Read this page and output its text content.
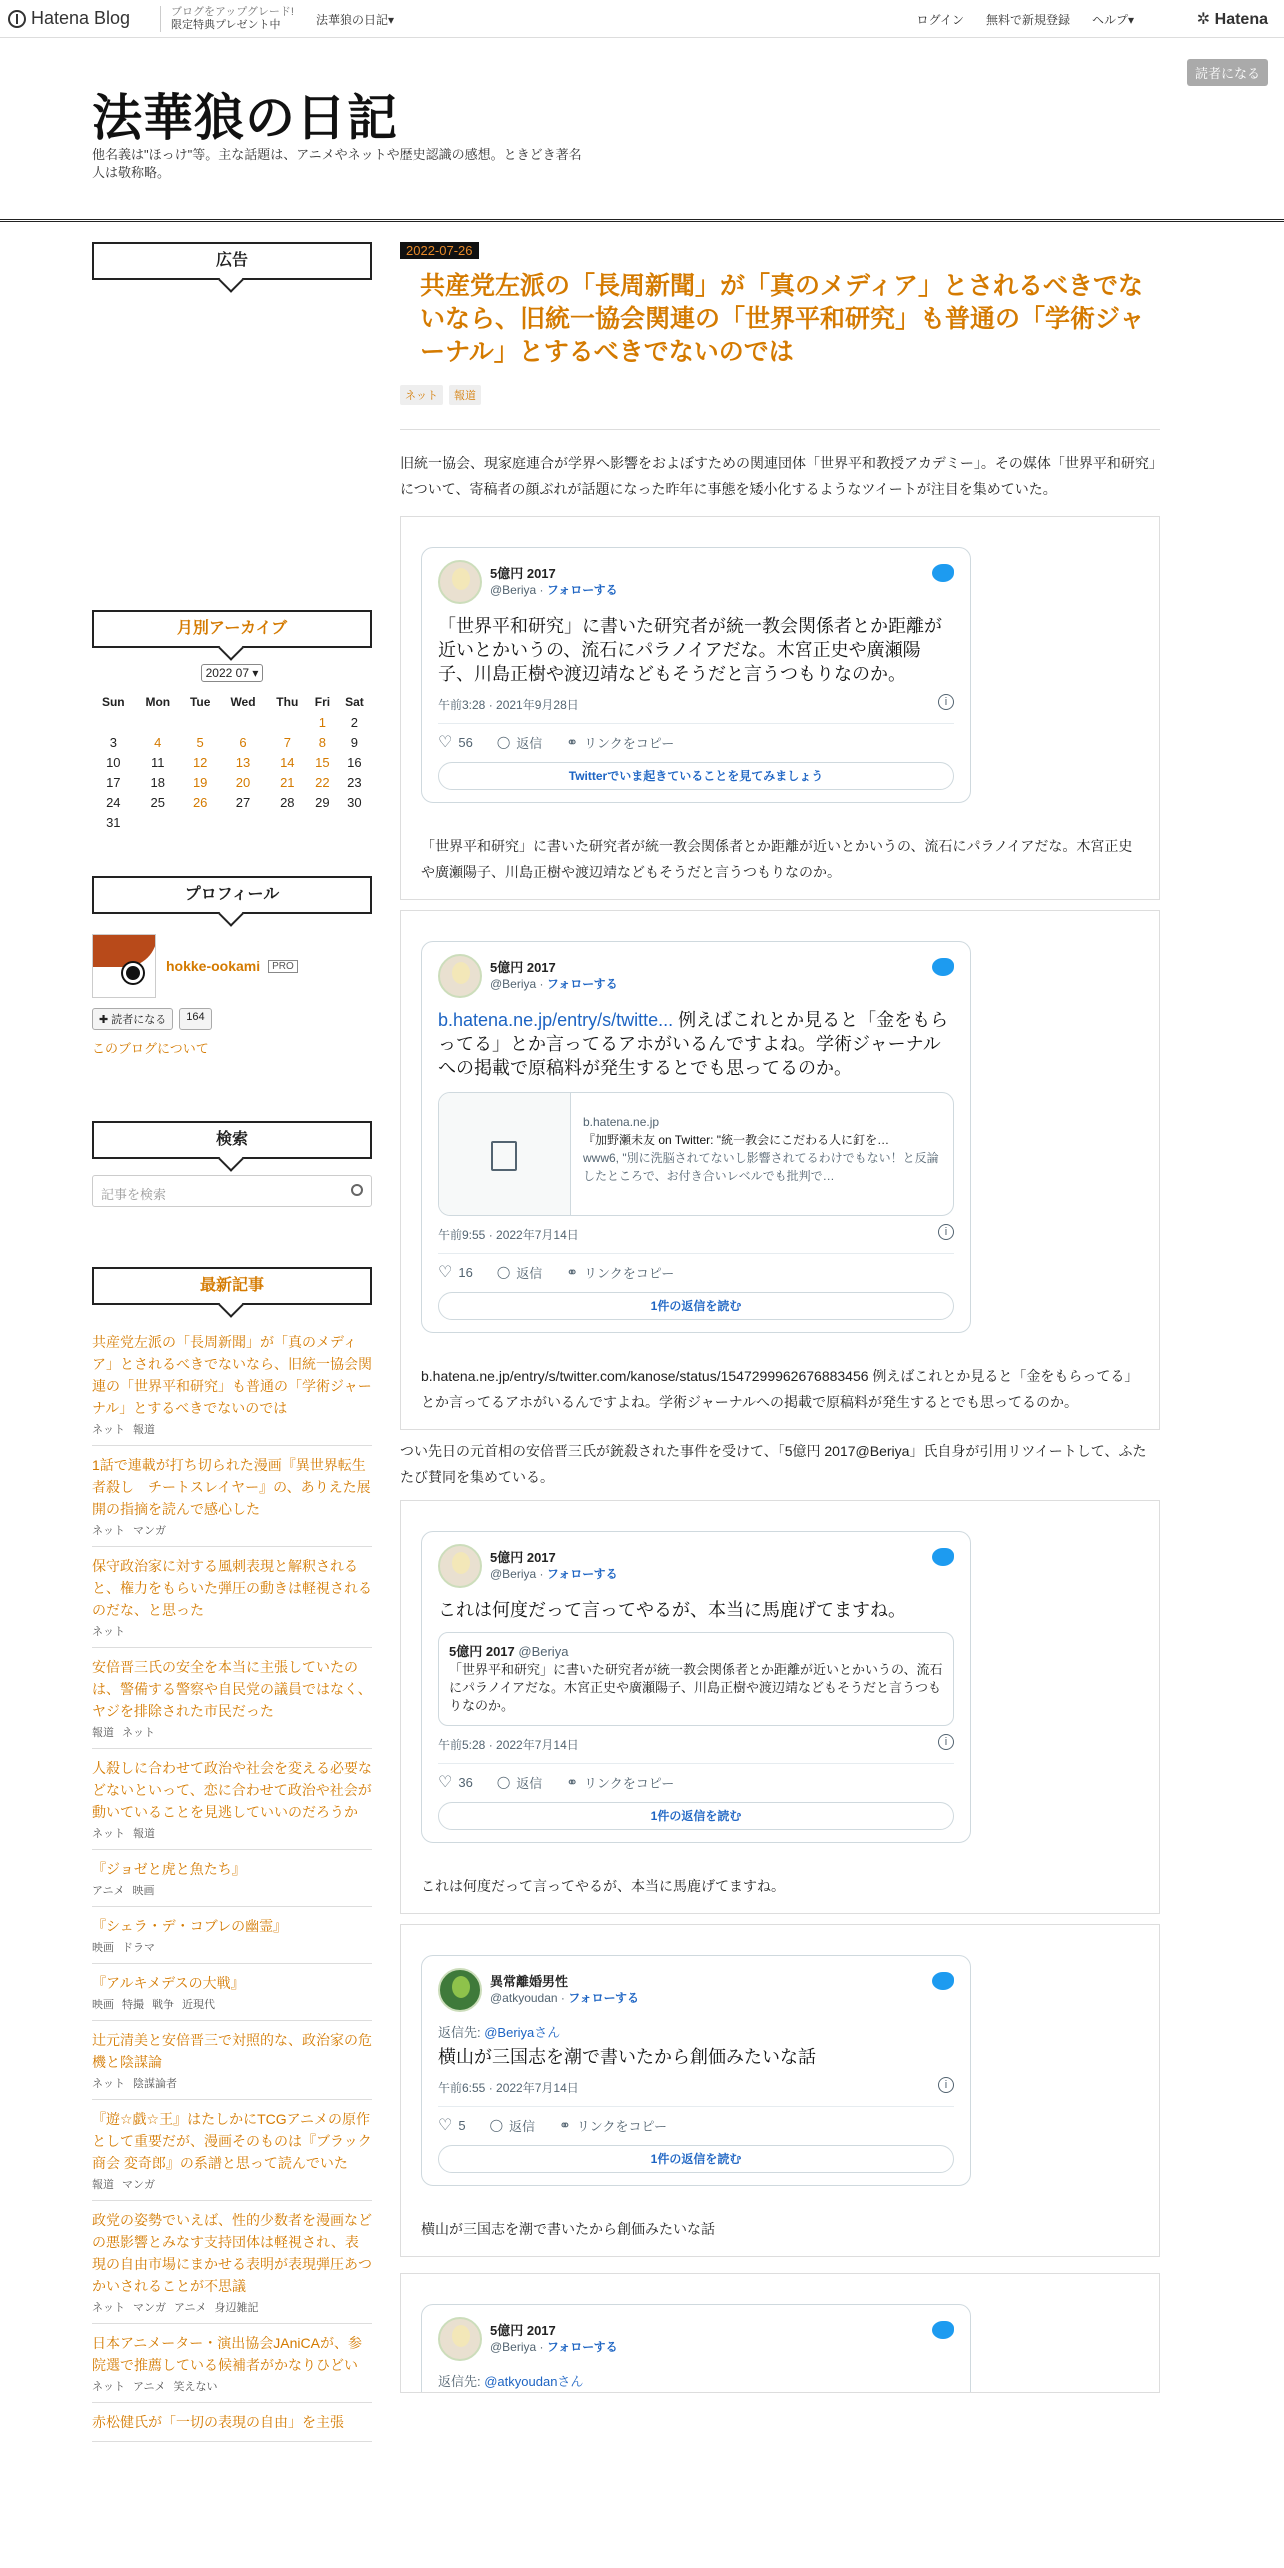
Hatena Blog	ブログをアップグレード!
限定特典プレゼント中	法華狼の日記▾	ログイン 無料で新規登録 ヘルプ▾	✲ Hatena
法華狼の日記

他名義は"ほっけ"等。主な話題は、アニメやネットや歴史認識の感想。ときどき著名人は敬称略。

読者になる
広告
月別アーカイブ
2022 07 ▾
Sun	Mon	Tue	Wed	Thu	Fri	Sat
					1	2
3	4	5	6	7	8	9
10	11	12	13	14	15	16
17	18	19	20	21	22	23
24	25	26	27	28	29	30
31						
プロフィール
hokke-ookami	PRO
✚ 読者になる	164
このブログについて
検索
記事を検索
最新記事
共産党左派の「長周新聞」が「真のメディア」とされるべきでないなら、旧統一協会関連の「世界平和研究」も普通の「学術ジャーナル」とするべきでないのでは
ネット 報道
1話で連載が打ち切られた漫画『異世界転生者殺し　チートスレイヤー』の、ありえた展開の指摘を読んで感心した
ネット マンガ
保守政治家に対する風刺表現と解釈されると、権力をもらいた弾圧の動きは軽視されるのだな、と思った
ネット
安倍晋三氏の安全を本当に主張していたのは、警備する警察や自民党の議員ではなく、ヤジを排除された市民だった
報道 ネット
人殺しに合わせて政治や社会を変える必要などないといって、恋に合わせて政治や社会が動いていることを見逃していいのだろうか
ネット 報道
『ジョゼと虎と魚たち』
アニメ 映画
『シェラ・デ・コブレの幽霊』
映画 ドラマ
『アルキメデスの大戦』
映画 特撮 戦争 近現代
辻元清美と安倍晋三で対照的な、政治家の危機と陰謀論
ネット 陰謀論者
『遊☆戯☆王』はたしかにTCGアニメの原作として重要だが、漫画そのものは『ブラック商会 変奇郎』の系譜と思って読んでいた
報道 マンガ
政党の姿勢でいえば、性的少数者を漫画などの悪影響とみなす支持団体は軽視され、表現の自由市場にまかせる表明が表現弾圧あつかいされることが不思議
ネット マンガ アニメ 身辺雑記
日本アニメーター・演出協会JAniCAが、参院選で推薦している候補者がかなりひどい
ネット アニメ 笑えない
赤松健氏が「一切の表現の自由」を主張
2022-07-26
共産党左派の「長周新聞」が「真のメディア」とされるべきでないなら、旧統一協会関連の「世界平和研究」も普通の「学術ジャーナル」とするべきでないのでは
ネット	報道

旧統一協会、現家庭連合が学界へ影響をおよぼすための関連団体「世界平和教授アカデミー」。その媒体「世界平和研究」について、寄稿者の顔ぶれが話題になった昨年に事態を矮小化するようなツイートが注目を集めていた。

5億円 2017
@Beriya · フォローする
「世界平和研究」に書いた研究者が統一教会関係者とか距離が近いとかいうの、流石にパラノイアだな。木宮正史や廣瀬陽子、川島正樹や渡辺靖などもそうだと言うつもりなのか。
午前3:28 · 2021年9月28日	i
♡ 56	◯ 返信	⚭ リンクをコピー
Twitterでいま起きていることを見てみましょう

「世界平和研究」に書いた研究者が統一教会関係者とか距離が近いとかいうの、流石にパラノイアだな。木宮正史や廣瀬陽子、川島正樹や渡辺靖などもそうだと言うつもりなのか。

5億円 2017
@Beriya · フォローする
b.hatena.ne.jp/entry/s/twitte... 例えばこれとか見ると「金をもらってる」とか言ってるアホがいるんですよね。学術ジャーナルへの掲載で原稿料が発生するとでも思ってるのか。
b.hatena.ne.jp
『加野瀬未友 on Twitter: "統一教会にこだわる人に釘を…
www6, "別に洗脳されてないし影響されてるわけでもない！と反論したところで、お付き合いレベルでも批判で…
午前9:55 · 2022年7月14日	i
♡ 16	◯ 返信	⚭ リンクをコピー
1件の返信を読む

b.hatena.ne.jp/entry/s/twitter.com/kanose/status/1547299962676883456 例えばこれとか見ると「金をもらってる」とか言ってるアホがいるんですよね。学術ジャーナルへの掲載で原稿料が発生するとでも思ってるのか。

つい先日の元首相の安倍晋三氏が銃殺された事件を受けて、「5億円 2017@Beriya」氏自身が引用リツイートして、ふたたび賛同を集めている。

5億円 2017
@Beriya · フォローする
これは何度だって言ってやるが、本当に馬鹿げてますね。
5億円 2017 @Beriya
「世界平和研究」に書いた研究者が統一教会関係者とか距離が近いとかいうの、流石にパラノイアだな。木宮正史や廣瀬陽子、川島正樹や渡辺靖などもそうだと言うつもりなのか。
午前5:28 · 2022年7月14日	i
♡ 36	◯ 返信	⚭ リンクをコピー
1件の返信を読む

これは何度だって言ってやるが、本当に馬鹿げてますね。

異常離婚男性
@atkyoudan · フォローする
返信先: @Beriyaさん
横山が三国志を潮で書いたから創価みたいな話
午前6:55 · 2022年7月14日	i
♡ 5	◯ 返信	⚭ リンクをコピー
1件の返信を読む

横山が三国志を潮で書いたから創価みたいな話

5億円 2017
@Beriya · フォローする
返信先: @atkyoudanさん
